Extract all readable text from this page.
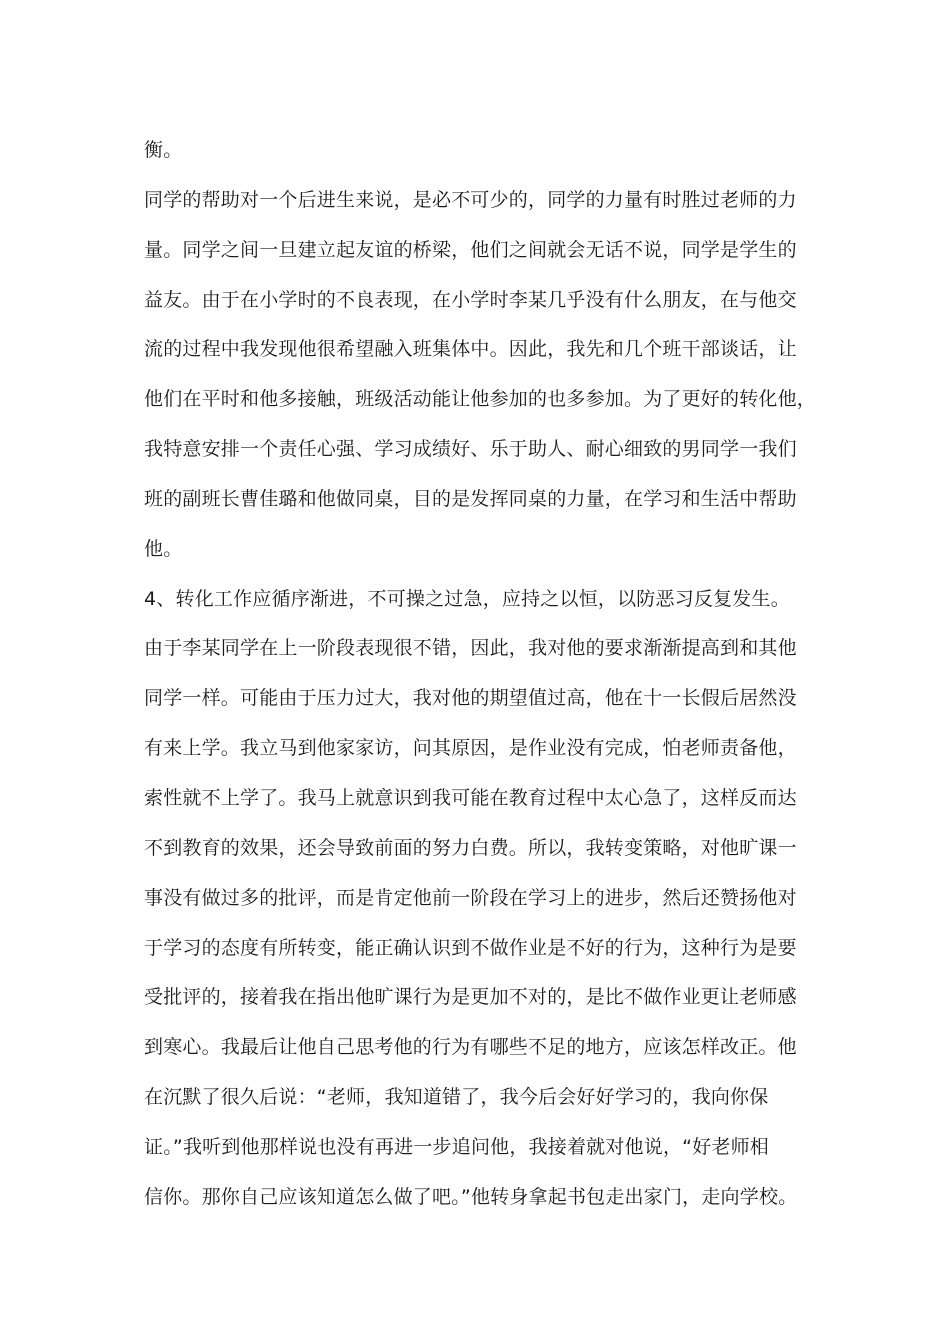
衡。
同学的帮助对一个后进生来说，是必不可少的，同学的力量有时胜过老师的力
量。同学之间一旦建立起友谊的桥梁，他们之间就会无话不说，同学是学生的
益友。由于在小学时的不良表现，在小学时李某几乎没有什么朋友，在与他交
流的过程中我发现他很希望融入班集体中。因此，我先和几个班干部谈话，让
他们在平时和他多接触，班级活动能让他参加的也多参加。为了更好的转化他，
我特意安排一个责任心强、学习成绩好、乐于助人、耐心细致的男同学一我们
班的副班长曹佳璐和他做同桌，目的是发挥同桌的力量，在学习和生活中帮助
他。
4、转化工作应循序渐进，不可操之过急，应持之以恒，以防恶习反复发生。
由于李某同学在上一阶段表现很不错，因此，我对他的要求渐渐提高到和其他
同学一样。可能由于压力过大，我对他的期望值过高，他在十一长假后居然没
有来上学。我立马到他家家访，问其原因，是作业没有完成，怕老师责备他，
索性就不上学了。我马上就意识到我可能在教育过程中太心急了，这样反而达
不到教育的效果，还会导致前面的努力白费。所以，我转变策略，对他旷课一
事没有做过多的批评，而是肯定他前一阶段在学习上的进步，然后还赞扬他对
于学习的态度有所转变，能正确认识到不做作业是不好的行为，这种行为是要
受批评的，接着我在指出他旷课行为是更加不对的，是比不做作业更让老师感
到寒心。我最后让他自己思考他的行为有哪些不足的地方，应该怎样改正。他
在沉默了很久后说：“老师，我知道错了，我今后会好好学习的，我向你保
证。”我听到他那样说也没有再进一步追问他，我接着就对他说，“好老师相
信你。那你自己应该知道怎么做了吧。”他转身拿起书包走出家门，走向学校。
